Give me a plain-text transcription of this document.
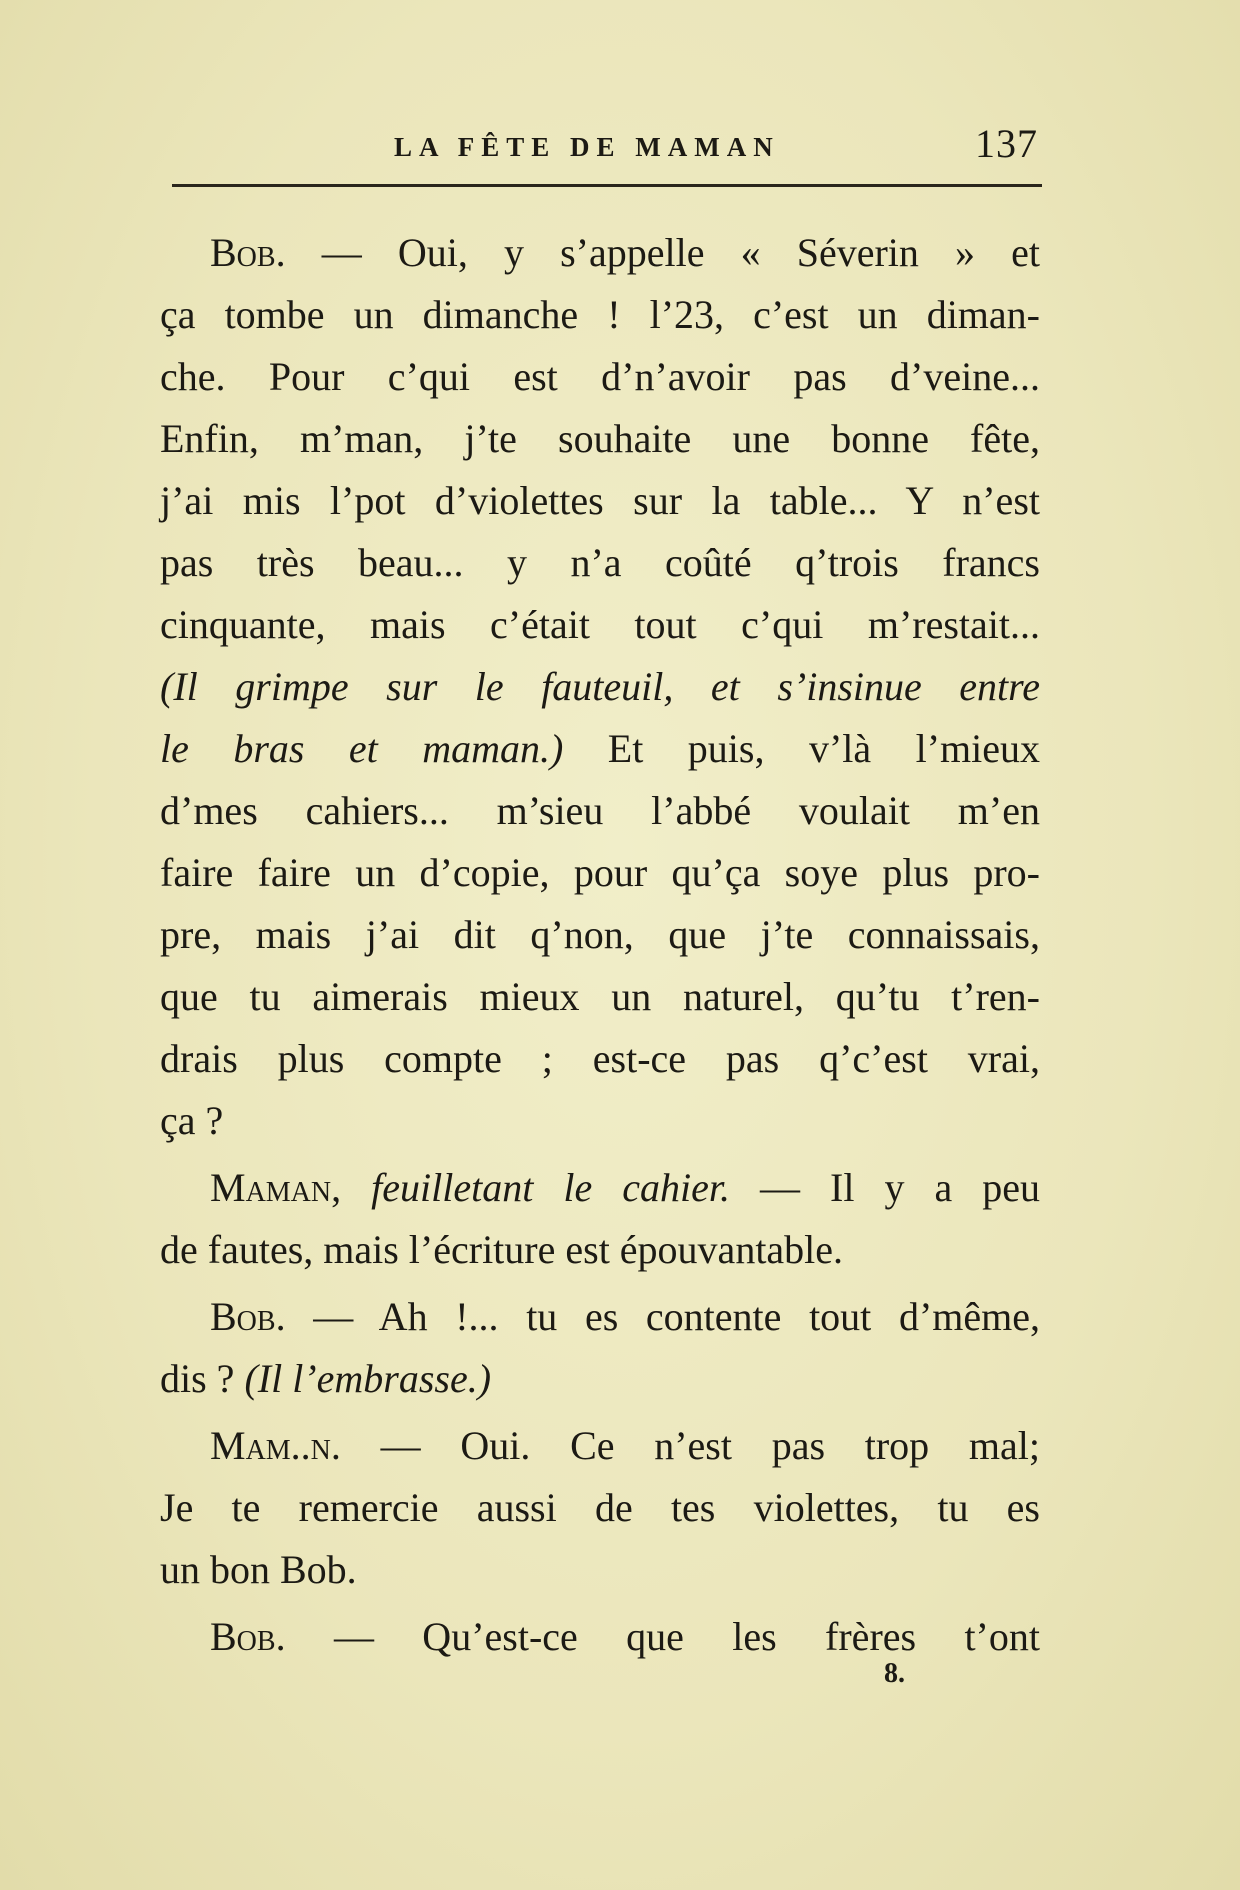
LA FÊTE DE MAMAN	137
Bob. — Oui, y s’appelle « Séverin » et
ça tombe un dimanche ! l’23, c’est un diman-
che. Pour c’qui est d’n’avoir pas d’veine...
Enfin, m’man, j’te souhaite une bonne fête,
j’ai mis l’pot d’violettes sur la table... Y n’est
pas très beau... y n’a coûté q’trois francs
cinquante, mais c’était tout c’qui m’restait...
(Il grimpe sur le fauteuil, et s’insinue entre
le bras et maman.) Et puis, v’là l’mieux
d’mes cahiers... m’sieu l’abbé voulait m’en
faire faire un d’copie, pour qu’ça soye plus pro-
pre, mais j’ai dit q’non, que j’te connaissais,
que tu aimerais mieux un naturel, qu’tu t’ren-
drais plus compte ; est-ce pas q’c’est vrai,
ça ?
Maman, feuilletant le cahier. — Il y a peu
de fautes, mais l’écriture est épouvantable.
Bob. — Ah !... tu es contente tout d’même,
dis ? (Il l’embrasse.)
Mam..n. — Oui. Ce n’est pas trop mal;
Je te remercie aussi de tes violettes, tu es
un bon Bob.
Bob. — Qu’est-ce que les frères t’ont
8.
